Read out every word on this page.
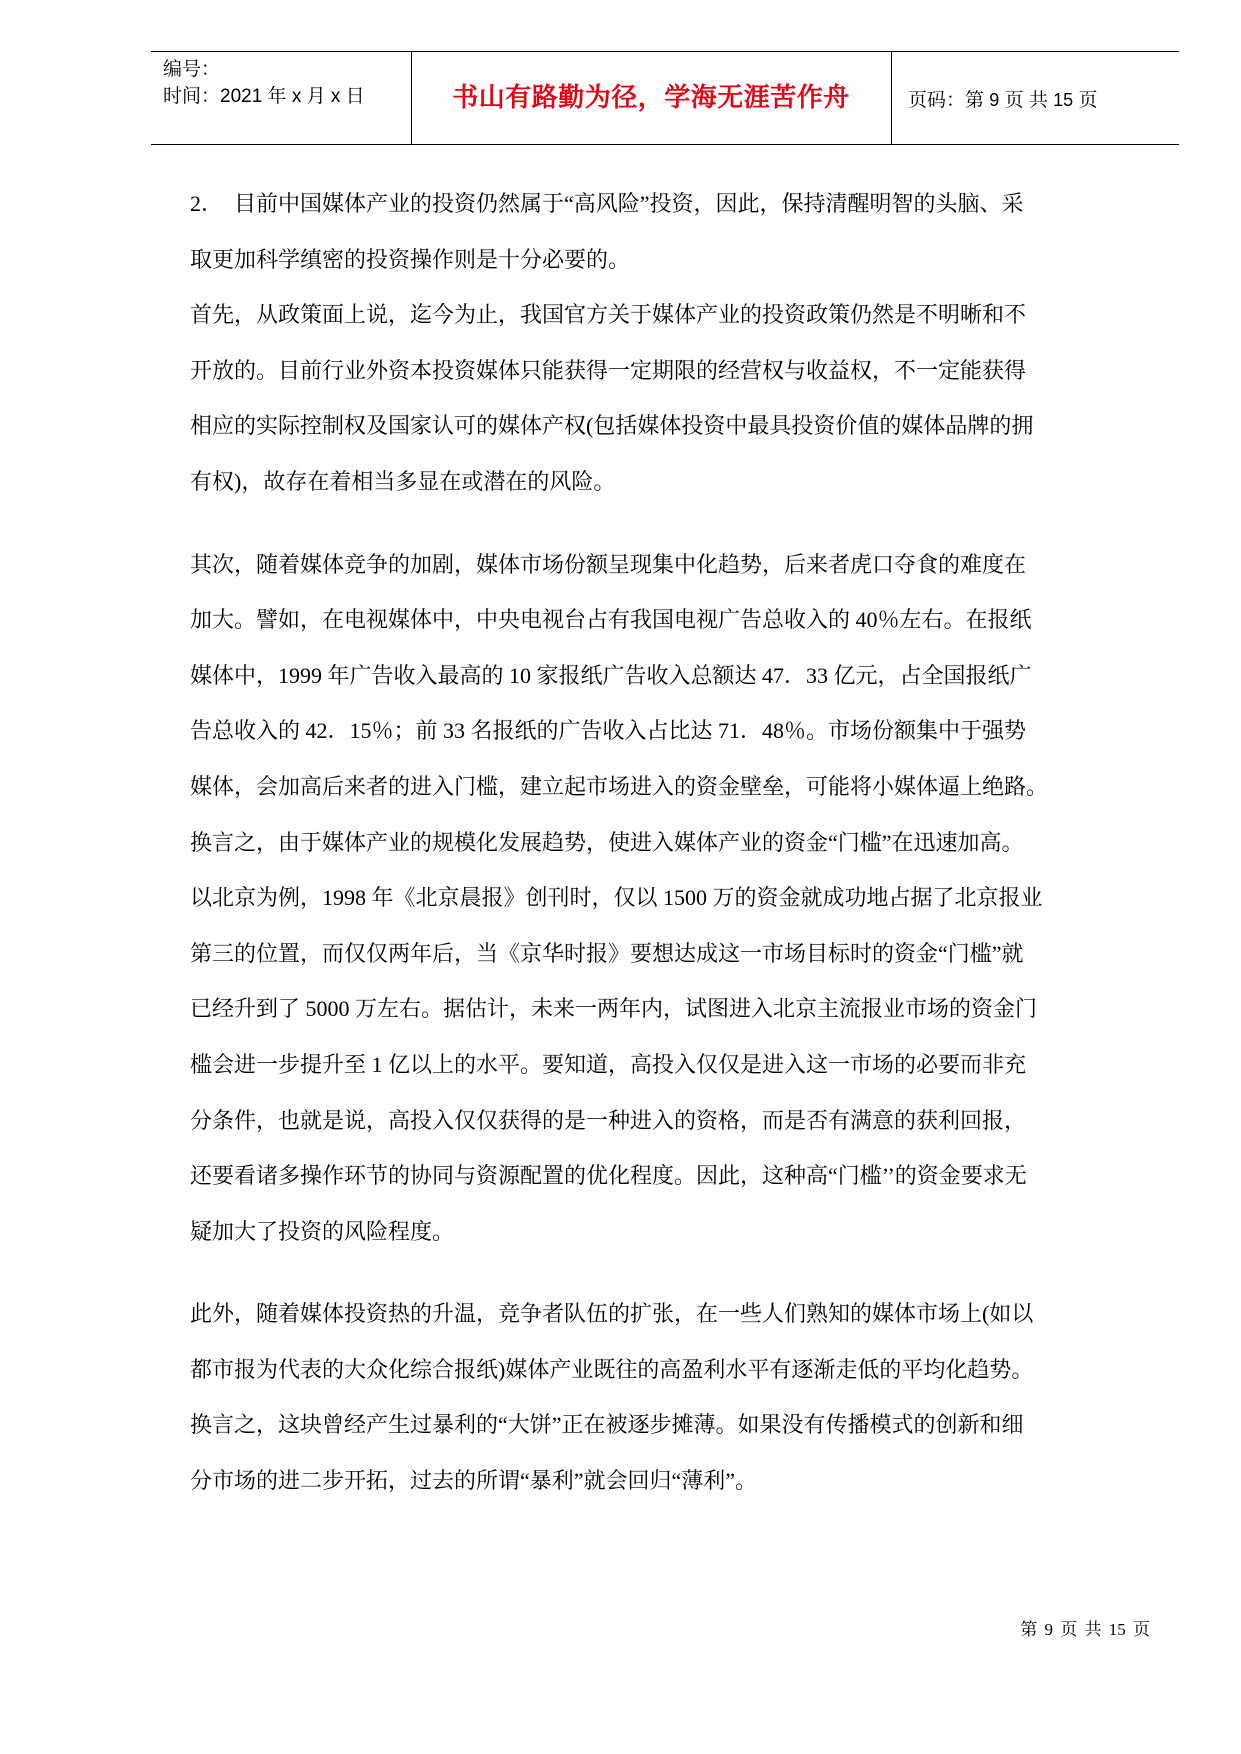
编号：
时间：2021 年 x 月 x 日	书山有路勤为径，学海无涯苦作舟	页码：第 9 页 共 15 页

2．  目前中国媒体产业的投资仍然属于“高风险”投资，因此，保持清醒明智的头脑、采

取更加科学缜密的投资操作则是十分必要的。

首先，从政策面上说，迄今为止，我国官方关于媒体产业的投资政策仍然是不明晰和不

开放的。目前行业外资本投资媒体只能获得一定期限的经营权与收益权，不一定能获得

相应的实际控制权及国家认可的媒体产权(包括媒体投资中最具投资价值的媒体品牌的拥

有权)，故存在着相当多显在或潜在的风险。

其次，随着媒体竞争的加剧，媒体市场份额呈现集中化趋势，后来者虎口夺食的难度在

加大。譬如，在电视媒体中，中央电视台占有我国电视广告总收入的 40％左右。在报纸

媒体中，1999 年广告收入最高的 10 家报纸广告收入总额达 47．33 亿元，占全国报纸广

告总收入的 42．15％；前 33 名报纸的广告收入占比达 71．48％。市场份额集中于强势

媒体，会加高后来者的进入门槛，建立起市场进入的资金壁垒，可能将小媒体逼上绝路。

换言之，由于媒体产业的规模化发展趋势，使进入媒体产业的资金“门槛”在迅速加高。

以北京为例，1998 年《北京晨报》创刊时，仅以 1500 万的资金就成功地占据了北京报业

第三的位置，而仅仅两年后，当《京华时报》要想达成这一市场目标时的资金“门槛”就

已经升到了 5000 万左右。据估计，未来一两年内，试图进入北京主流报业市场的资金门

槛会进一步提升至 1 亿以上的水平。要知道，高投入仅仅是进入这一市场的必要而非充

分条件，也就是说，高投入仅仅获得的是一种进入的资格，而是否有满意的获利回报，

还要看诸多操作环节的协同与资源配置的优化程度。因此，这种高“门槛’’的资金要求无

疑加大了投资的风险程度。

此外，随着媒体投资热的升温，竞争者队伍的扩张，在一些人们熟知的媒体市场上(如以

都市报为代表的大众化综合报纸)媒体产业既往的高盈利水平有逐渐走低的平均化趋势。

换言之，这块曾经产生过暴利的“大饼”正在被逐步摊薄。如果没有传播模式的创新和细

分市场的进二步开拓，过去的所谓“暴利”就会回归“薄利”。

第 9 页 共 15 页
